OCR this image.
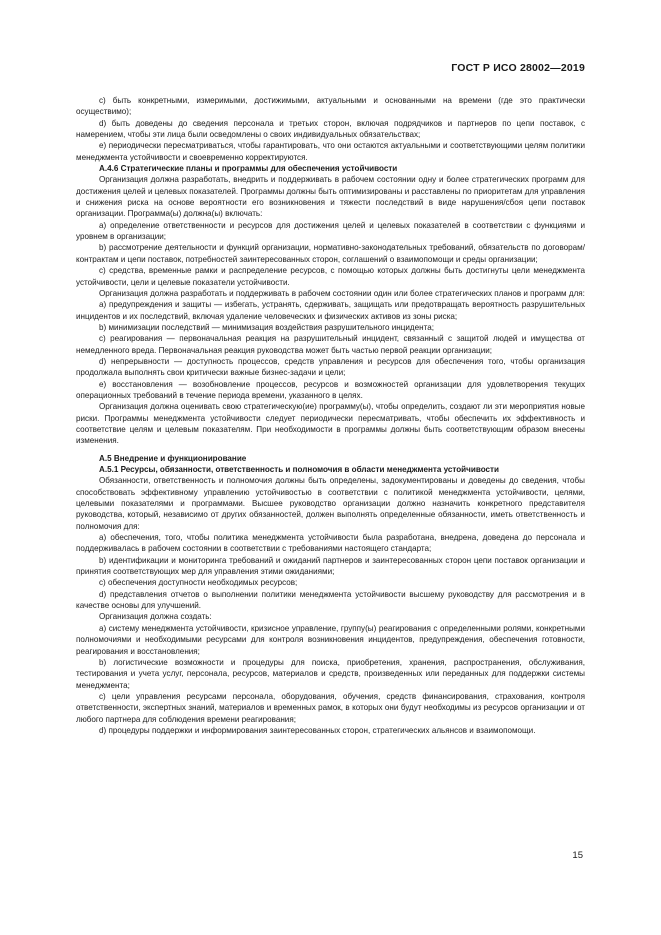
ГОСТ Р ИСО 28002—2019

c) быть конкретными, измеримыми, достижимыми, актуальными и основанными на времени (где это практически осуществимо);

d) быть доведены до сведения персонала и третьих сторон, включая подрядчиков и партнеров по цепи поставок, с намерением, чтобы эти лица были осведомлены о своих индивидуальных обязательствах;

e) периодически пересматриваться, чтобы гарантировать, что они остаются актуальными и соответствующими целям политики менеджмента устойчивости и своевременно корректируются.

A.4.6 Стратегические планы и программы для обеспечения устойчивости

Организация должна разработать, внедрить и поддерживать в рабочем состоянии одну и более стратегических программ для достижения целей и целевых показателей. Программы должны быть оптимизированы и расставлены по приоритетам для управления и снижения риска на основе вероятности его возникновения и тяжести последствий в виде нарушения/сбоя цепи поставок организации. Программа(ы) должна(ы) включать:

a) определение ответственности и ресурсов для достижения целей и целевых показателей в соответствии с функциями и уровнем в организации;

b) рассмотрение деятельности и функций организации, нормативно-законодательных требований, обязательств по договорам/контрактам и цепи поставок, потребностей заинтересованных сторон, соглашений о взаимопомощи и среды организации;

c) средства, временные рамки и распределение ресурсов, с помощью которых должны быть достигнуты цели менеджмента устойчивости, цели и целевые показатели устойчивости.

Организация должна разработать и поддерживать в рабочем состоянии один или более стратегических планов и программ для:

a) предупреждения и защиты — избегать, устранять, сдерживать, защищать или предотвращать вероятность разрушительных инцидентов и их последствий, включая удаление человеческих и физических активов из зоны риска;

b) минимизации последствий — минимизация воздействия разрушительного инцидента;

c) реагирования — первоначальная реакция на разрушительный инцидент, связанный с защитой людей и имущества от немедленного вреда. Первоначальная реакция руководства может быть частью первой реакции организации;

d) непрерывности — доступность процессов, средств управления и ресурсов для обеспечения того, чтобы организация продолжала выполнять свои критически важные бизнес-задачи и цели;

e) восстановления — возобновление процессов, ресурсов и возможностей организации для удовлетворения текущих операционных требований в течение периода времени, указанного в целях.

Организация должна оценивать свою стратегическую(ие) программу(ы), чтобы определить, создают ли эти мероприятия новые риски. Программы менеджмента устойчивости следует периодически пересматривать, чтобы обеспечить их эффективность и соответствие целям и целевым показателям. При необходимости в программы должны быть соответствующим образом внесены изменения.

A.5 Внедрение и функционирование
A.5.1 Ресурсы, обязанности, ответственность и полномочия в области менеджмента устойчивости

Обязанности, ответственность и полномочия должны быть определены, задокументированы и доведены до сведения, чтобы способствовать эффективному управлению устойчивостью в соответствии с политикой менеджмента устойчивости, целями, целевыми показателями и программами. Высшее руководство организации должно назначить конкретного представителя руководства, который, независимо от других обязанностей, должен выполнять определенные обязанности, иметь ответственность и полномочия для:

a) обеспечения, того, чтобы политика менеджмента устойчивости была разработана, внедрена, доведена до персонала и поддерживалась в рабочем состоянии в соответствии с требованиями настоящего стандарта;

b) идентификации и мониторинга требований и ожиданий партнеров и заинтересованных сторон цепи поставок организации и принятия соответствующих мер для управления этими ожиданиями;

c) обеспечения доступности необходимых ресурсов;

d) представления отчетов о выполнении политики менеджмента устойчивости высшему руководству для рассмотрения и в качестве основы для улучшений.

Организация должна создать:

a) систему менеджмента устойчивости, кризисное управление, группу(ы) реагирования с определенными ролями, конкретными полномочиями и необходимыми ресурсами для контроля возникновения инцидентов, предупреждения, обеспечения готовности, реагирования и восстановления;

b) логистические возможности и процедуры для поиска, приобретения, хранения, распространения, обслуживания, тестирования и учета услуг, персонала, ресурсов, материалов и средств, произведенных или переданных для поддержки системы менеджмента;

c) цели управления ресурсами персонала, оборудования, обучения, средств финансирования, страхования, контроля ответственности, экспертных знаний, материалов и временных рамок, в которых они будут необходимы из ресурсов организации и от любого партнера для соблюдения времени реагирования;

d) процедуры поддержки и информирования заинтересованных сторон, стратегических альянсов и взаимопомощи.

15
